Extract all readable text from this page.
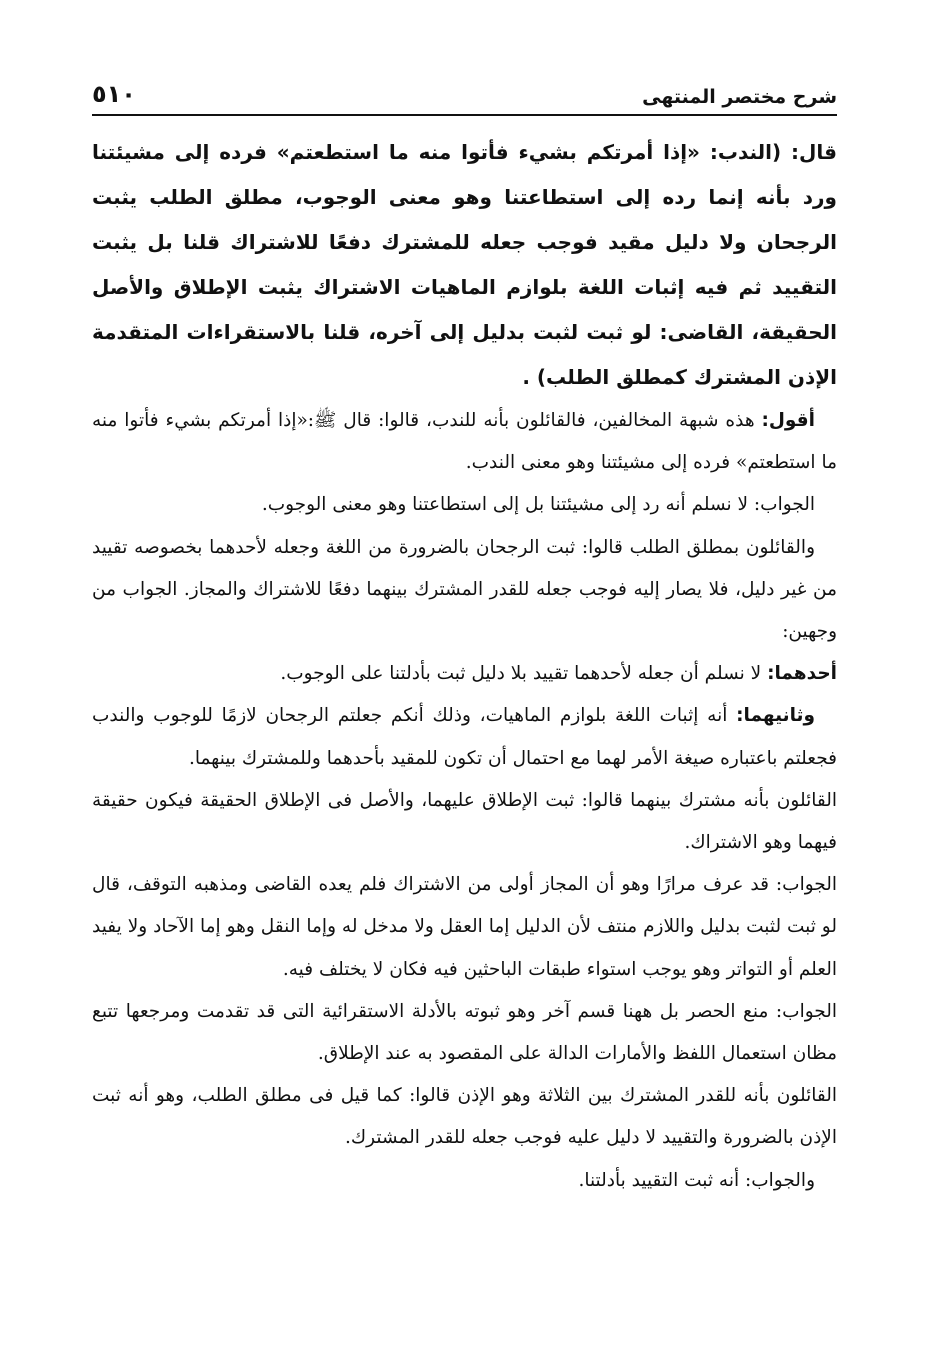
شرح مختصر المنتهى
٥١٠

قال: (الندب: «إذا أمرتكم بشيء فأتوا منه ما استطعتم» فرده إلى مشيئتنا ورد بأنه إنما رده إلى استطاعتنا وهو معنى الوجوب، مطلق الطلب يثبت الرجحان ولا دليل مقيد فوجب جعله للمشترك دفعًا للاشتراك قلنا بل يثبت التقييد ثم فيه إثبات اللغة بلوازم الماهيات الاشتراك يثبت الإطلاق والأصل الحقيقة، القاضى: لو ثبت لثبت بدليل إلى آخره، قلنا بالاستقراءات المتقدمة الإذن المشترك كمطلق الطلب) .

أقول: هذه شبهة المخالفين، فالقائلون بأنه للندب، قالوا: قال ﷺ:«إذا أمرتكم بشيء فأتوا منه ما استطعتم» فرده إلى مشيئتنا وهو معنى الندب.

الجواب: لا نسلم أنه رد إلى مشيئتنا بل إلى استطاعتنا وهو معنى الوجوب.

والقائلون بمطلق الطلب قالوا: ثبت الرجحان بالضرورة من اللغة وجعله لأحدهما بخصوصه تقييد من غير دليل، فلا يصار إليه فوجب جعله للقدر المشترك بينهما دفعًا للاشتراك والمجاز. الجواب من وجهين:

أحدهما: لا نسلم أن جعله لأحدهما تقييد بلا دليل ثبت بأدلتنا على الوجوب.

وثانيهما: أنه إثبات اللغة بلوازم الماهيات، وذلك أنكم جعلتم الرجحان لازمًا للوجوب والندب فجعلتم باعتباره صيغة الأمر لهما مع احتمال أن تكون للمقيد بأحدهما وللمشترك بينهما.

القائلون بأنه مشترك بينهما قالوا: ثبت الإطلاق عليهما، والأصل فى الإطلاق الحقيقة فيكون حقيقة فيهما وهو الاشتراك.

الجواب: قد عرف مرارًا وهو أن المجاز أولى من الاشتراك فلم يعده القاضى ومذهبه التوقف، قال لو ثبت لثبت بدليل واللازم منتف لأن الدليل إما العقل ولا مدخل له وإما النقل وهو إما الآحاد ولا يفيد العلم أو التواتر وهو يوجب استواء طبقات الباحثين فيه فكان لا يختلف فيه.

الجواب: منع الحصر بل ههنا قسم آخر وهو ثبوته بالأدلة الاستقرائية التى قد تقدمت ومرجعها تتبع مظان استعمال اللفظ والأمارات الدالة على المقصود به عند الإطلاق.

القائلون بأنه للقدر المشترك بين الثلاثة وهو الإذن قالوا: كما قيل فى مطلق الطلب، وهو أنه ثبت الإذن بالضرورة والتقييد لا دليل عليه فوجب جعله للقدر المشترك.

والجواب: أنه ثبت التقييد بأدلتنا.
